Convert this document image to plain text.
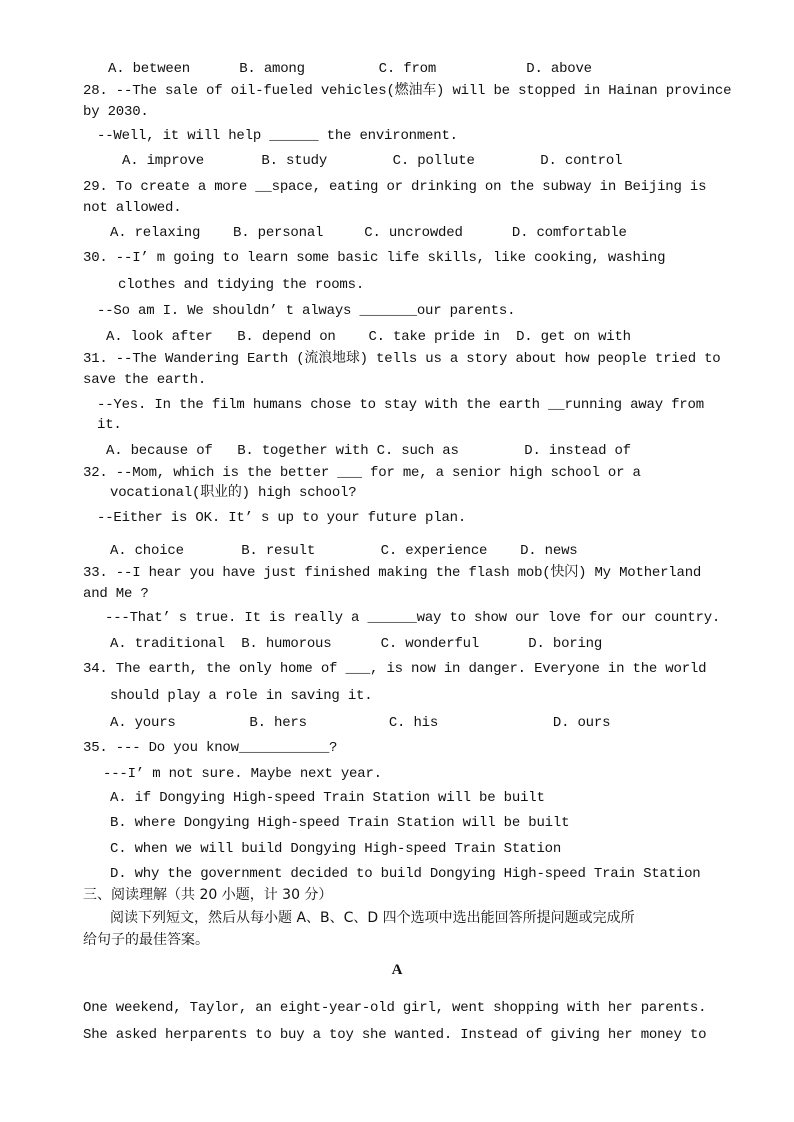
A. between      B. among         C. from           D. above
28. --The sale of oil-fueled vehicles(燃油车) will be stopped in Hainan province
by 2030.
--Well, it will help ______ the environment.
A. improve       B. study        C. pollute        D. control
29. To create a more __space, eating or drinking on the subway in Beijing is
not allowed.
A. relaxing    B. personal     C. uncrowded      D. comfortable
30. --I’ m going to learn some basic life skills, like cooking, washing
clothes and tidying the rooms.
--So am I. We shouldn’ t always _______our parents.
A. look after   B. depend on    C. take pride in  D. get on with
31. --The Wandering Earth (流浪地球) tells us a story about how people tried to
save the earth.
--Yes. In the film humans chose to stay with the earth __running away from
it.
A. because of   B. together with C. such as        D. instead of
32. --Mom, which is the better ___ for me, a senior high school or a
vocational(职业的) high school?
--Either is OK. It’ s up to your future plan.
A. choice       B. result        C. experience    D. news
33. --I hear you have just finished making the flash mob(快闪) My Motherland
and Me ?
---That’ s true. It is really a ______way to show our love for our country.
A. traditional  B. humorous      C. wonderful      D. boring
34. The earth, the only home of ___, is now in danger. Everyone in the world
should play a role in saving it.
A. yours         B. hers          C. his              D. ours
35. --- Do you know___________?
---I’ m not sure. Maybe next year.
A. if Dongying High-speed Train Station will be built
B. where Dongying High-speed Train Station will be built
C. when we will build Dongying High-speed Train Station
D. why the government decided to build Dongying High-speed Train Station
三、阅读理解（共 20 小题，计 30 分）
阅读下列短文，然后从每小题 A、B、C、D 四个选项中选出能回答所提问题或完成所
给句子的最佳答案。
A
One weekend, Taylor, an eight-year-old girl, went shopping with her parents.
She asked herparents to buy a toy she wanted. Instead of giving her money to
